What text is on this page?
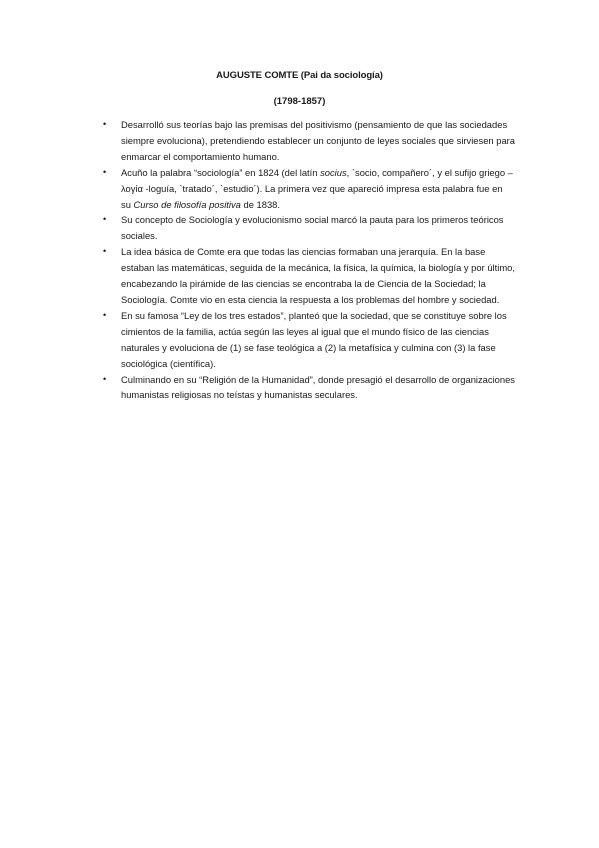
AUGUSTE COMTE (Pai da sociología)
(1798-1857)
• Desarrolló sus teorías bajo las premisas del positivismo (pensamiento de que las sociedades siempre evoluciona), pretendiendo establecer un conjunto de leyes sociales que sirviesen para enmarcar el comportamiento humano.
• Acuño la palabra “sociología” en 1824 (del latín socius, `socio, compañero´, y el sufijo griego – λογία -loguía, `tratado´, `estudio´). La primera vez que apareció impresa esta palabra fue en su Curso de filosofía positiva de 1838.
• Su concepto de Sociología y evolucionismo social marcó la pauta para los primeros teóricos sociales.
• La idea básica de Comte era que todas las ciencias formaban una jerarquía. En la base estaban las matemáticas, seguida de la mecánica, la física, la química, la biología y por último, encabezando la pirámide de las ciencias se encontraba la de Ciencia de la Sociedad; la Sociología. Comte vio en esta ciencia la respuesta a los problemas del hombre y sociedad.
• En su famosa “Ley de los tres estados”, planteó que la sociedad, que se constituye sobre los cimientos de la familia, actúa según las leyes al igual que el mundo físico de las ciencias naturales y evoluciona de (1) se fase teológica a (2) la metafísica y culmina con (3) la fase sociológica (científica).
• Culminando en su “Religión de la Humanidad”, donde presagió el desarrollo de organizaciones humanistas religiosas no teístas y humanistas seculares.
